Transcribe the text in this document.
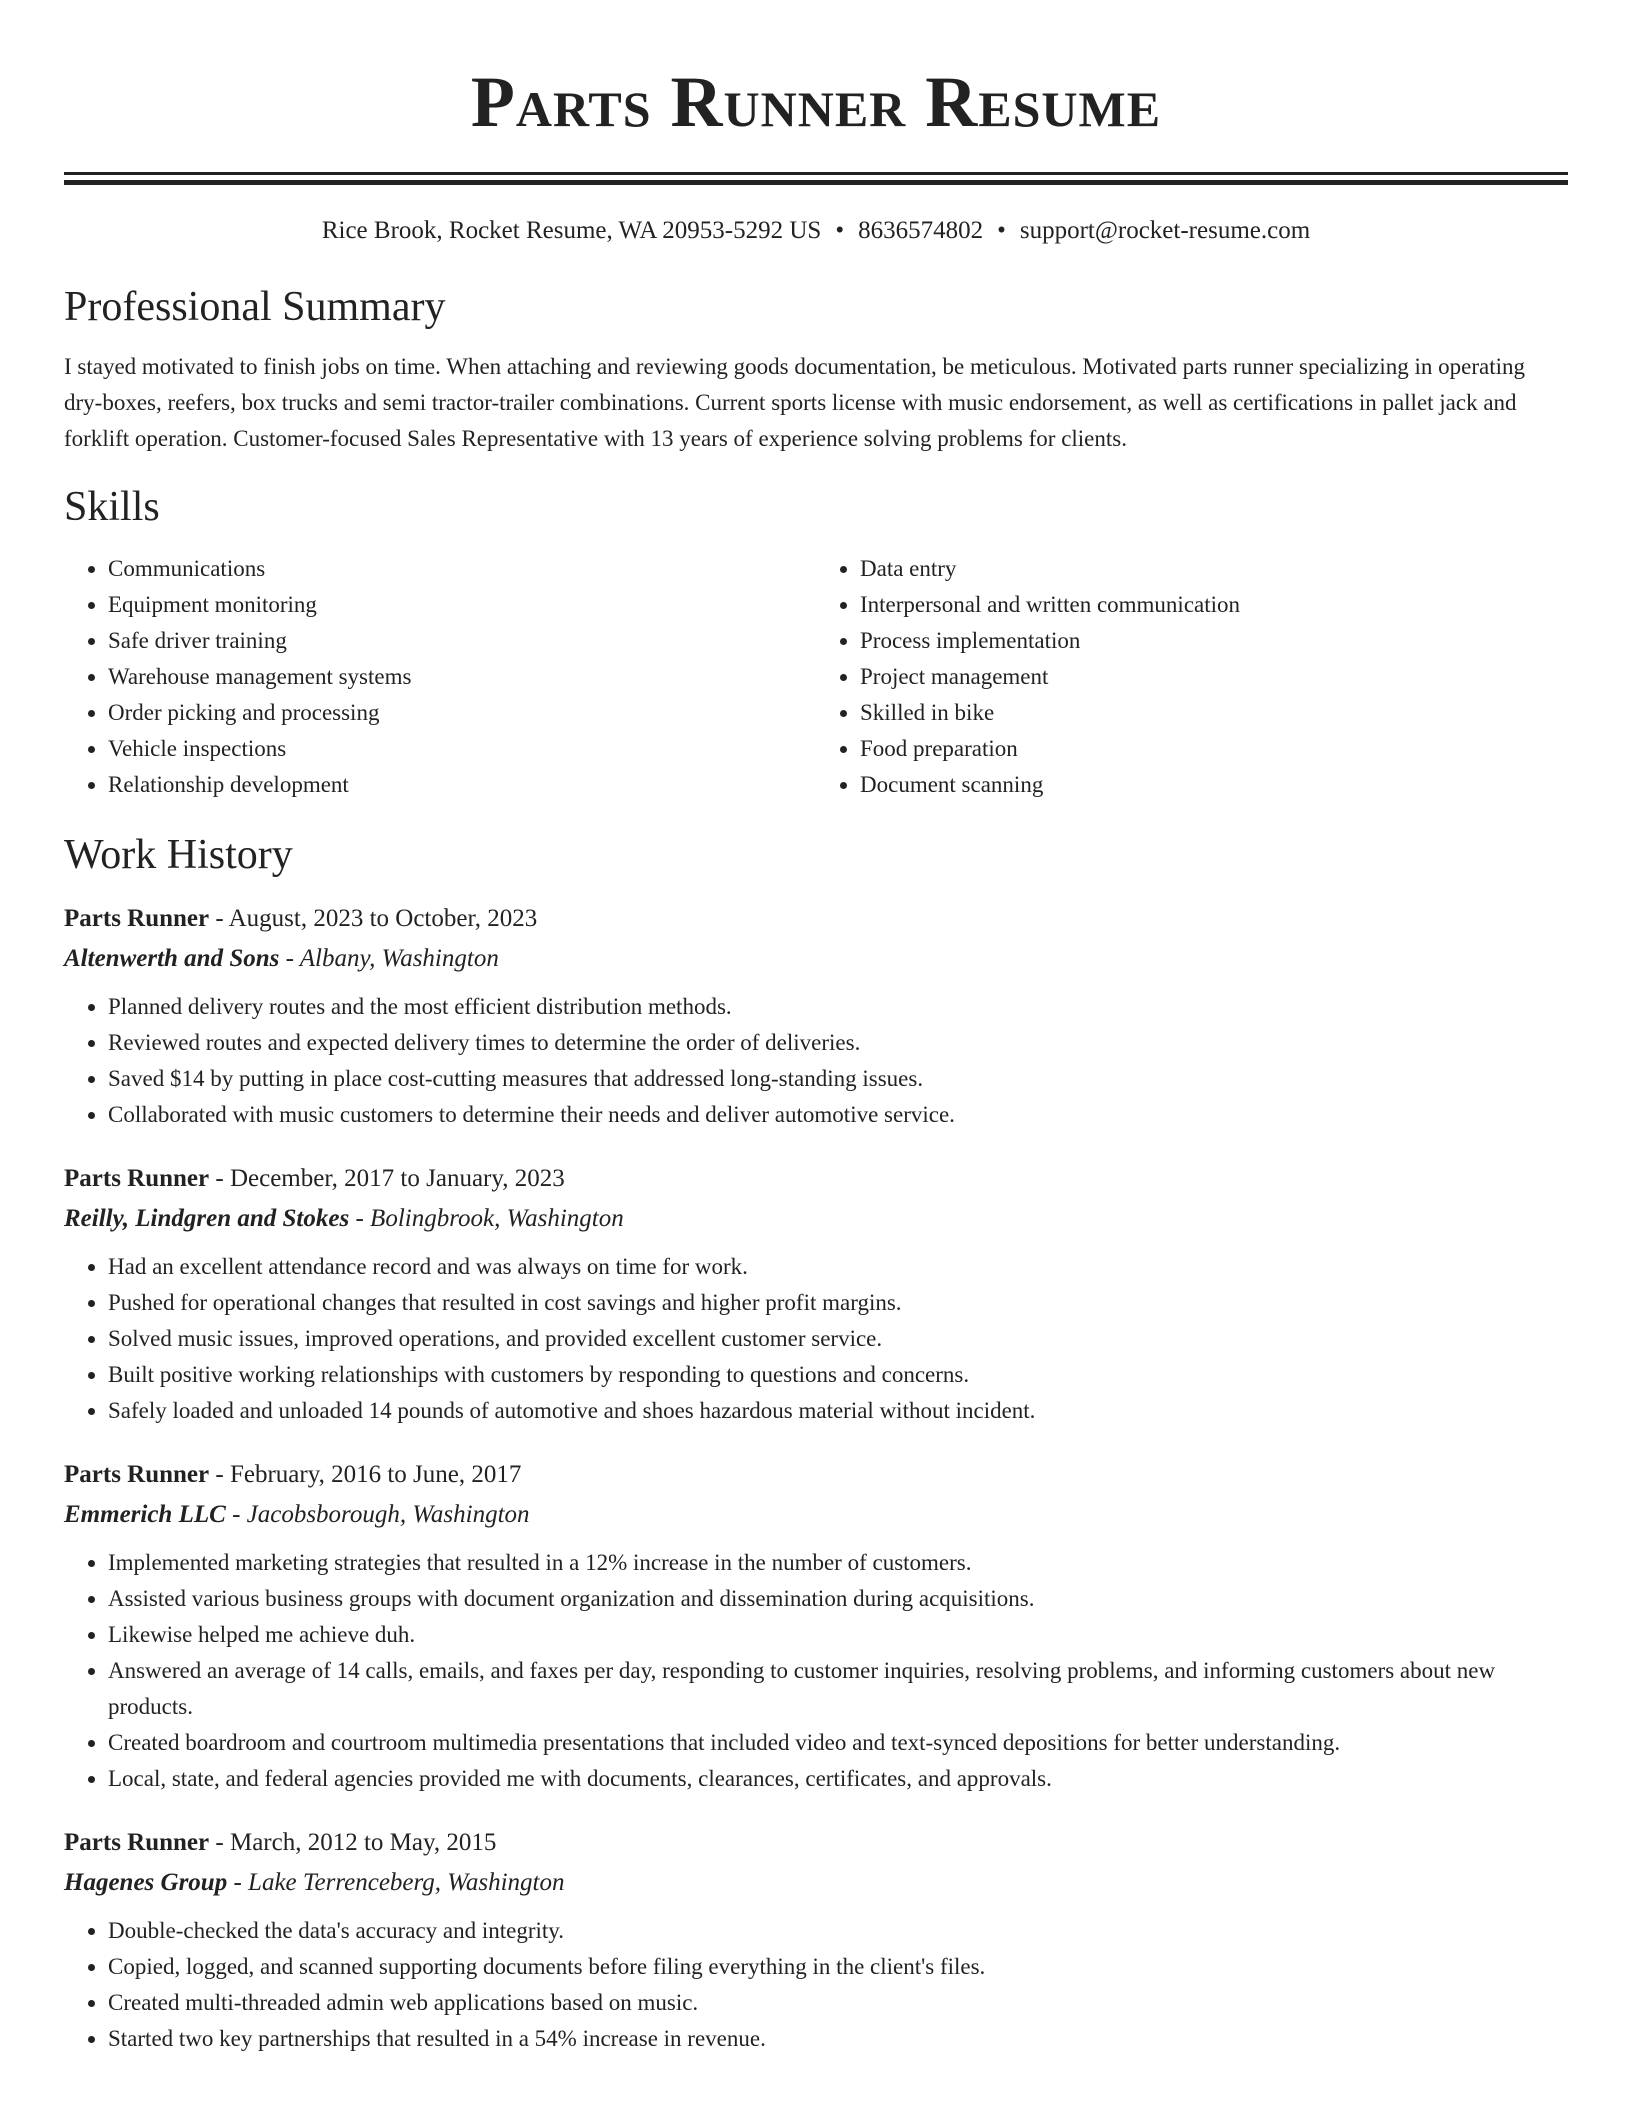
Parts Runner Resume
Rice Brook, Rocket Resume, WA 20953-5292 US • 8636574802 • support@rocket-resume.com
Professional Summary
I stayed motivated to finish jobs on time. When attaching and reviewing goods documentation, be meticulous. Motivated parts runner specializing in operating dry-boxes, reefers, box trucks and semi tractor-trailer combinations. Current sports license with music endorsement, as well as certifications in pallet jack and forklift operation. Customer-focused Sales Representative with 13 years of experience solving problems for clients.
Skills
• Communications
• Equipment monitoring
• Safe driver training
• Warehouse management systems
• Order picking and processing
• Vehicle inspections
• Relationship development
• Data entry
• Interpersonal and written communication
• Process implementation
• Project management
• Skilled in bike
• Food preparation
• Document scanning
Work History
Parts Runner - August, 2023 to October, 2023
Altenwerth and Sons - Albany, Washington
• Planned delivery routes and the most efficient distribution methods.
• Reviewed routes and expected delivery times to determine the order of deliveries.
• Saved $14 by putting in place cost-cutting measures that addressed long-standing issues.
• Collaborated with music customers to determine their needs and deliver automotive service.
Parts Runner - December, 2017 to January, 2023
Reilly, Lindgren and Stokes - Bolingbrook, Washington
• Had an excellent attendance record and was always on time for work.
• Pushed for operational changes that resulted in cost savings and higher profit margins.
• Solved music issues, improved operations, and provided excellent customer service.
• Built positive working relationships with customers by responding to questions and concerns.
• Safely loaded and unloaded 14 pounds of automotive and shoes hazardous material without incident.
Parts Runner - February, 2016 to June, 2017
Emmerich LLC - Jacobsborough, Washington
• Implemented marketing strategies that resulted in a 12% increase in the number of customers.
• Assisted various business groups with document organization and dissemination during acquisitions.
• Likewise helped me achieve duh.
• Answered an average of 14 calls, emails, and faxes per day, responding to customer inquiries, resolving problems, and informing customers about new products.
• Created boardroom and courtroom multimedia presentations that included video and text-synced depositions for better understanding.
• Local, state, and federal agencies provided me with documents, clearances, certificates, and approvals.
Parts Runner - March, 2012 to May, 2015
Hagenes Group - Lake Terrenceberg, Washington
• Double-checked the data's accuracy and integrity.
• Copied, logged, and scanned supporting documents before filing everything in the client's files.
• Created multi-threaded admin web applications based on music.
• Started two key partnerships that resulted in a 54% increase in revenue.
